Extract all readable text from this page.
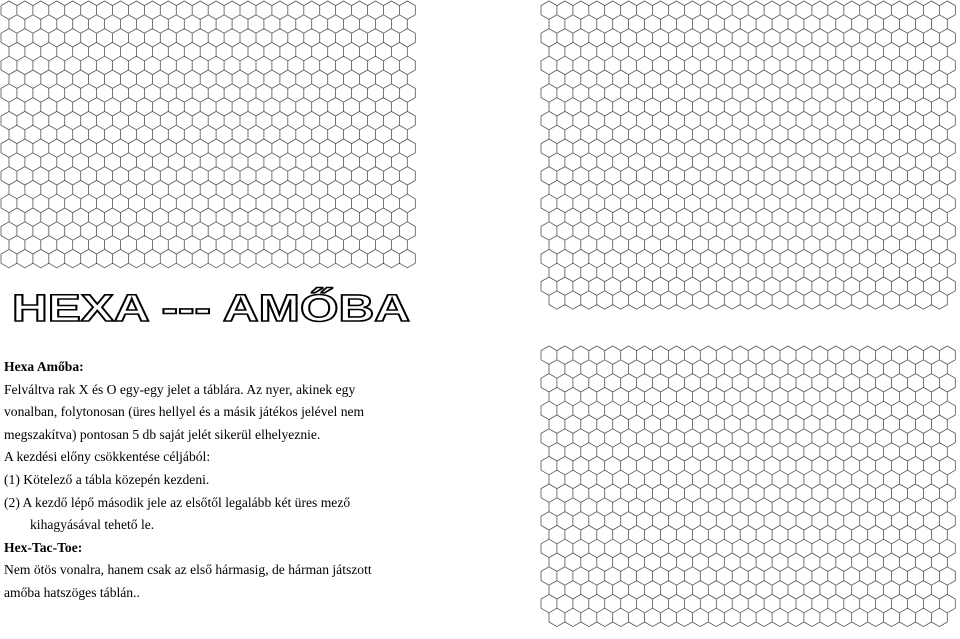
HEXA --- AMŐBA

Hexa Amőba:

Felváltva rak X és O egy-egy jelet a táblára. Az nyer, akinek egy

vonalban, folytonosan (üres hellyel és a másik játékos jelével nem

megszakítva) pontosan 5 db saját jelét sikerül elhelyeznie.

A kezdési előny csökkentése céljából:

(1) Kötelező a tábla közepén kezdeni.

(2) A kezdő lépő második jele az elsőtől legalább két üres mező

kihagyásával tehető le.

Hex-Tac-Toe:

Nem ötös vonalra, hanem csak az első hármasig, de hárman játszott

amőba hatszöges táblán..
